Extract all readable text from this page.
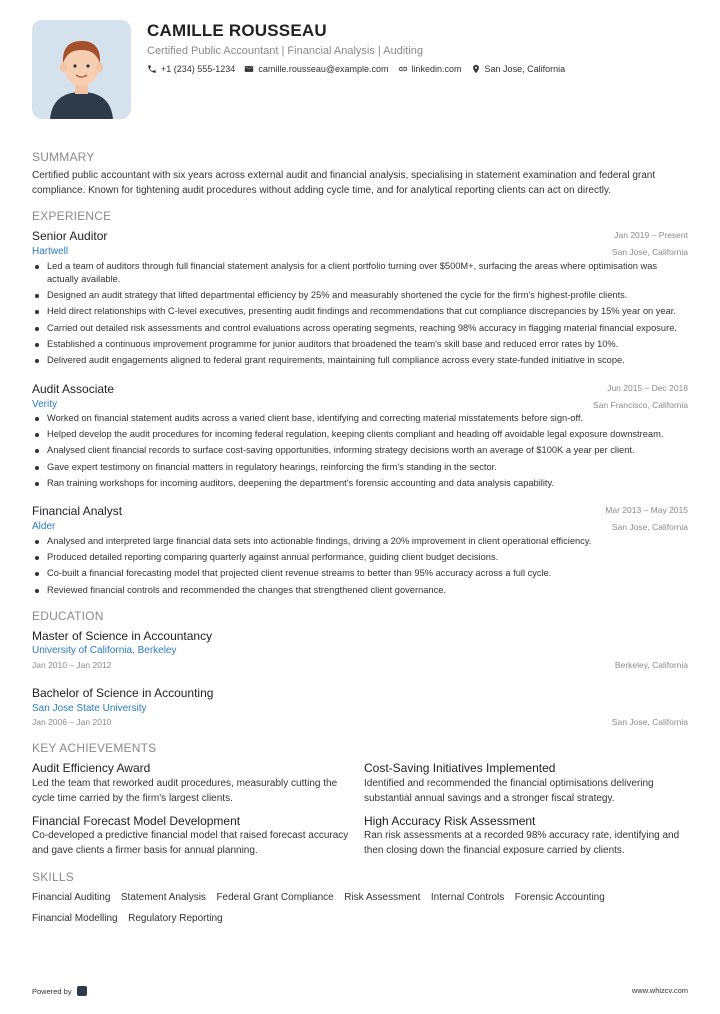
CAMILLE ROUSSEAU
Certified Public Accountant | Financial Analysis | Auditing
+1 (234) 555-1234	camille.rousseau@example.com	linkedin.com	San Jose, California
SUMMARY
Certified public accountant with six years across external audit and financial analysis, specialising in statement examination and federal grant compliance. Known for tightening audit procedures without adding cycle time, and for analytical reporting clients can act on directly.
EXPERIENCE
Senior Auditor	Jan 2019 – Present
Hartwell	San Jose, California
Led a team of auditors through full financial statement analysis for a client portfolio turning over $500M+, surfacing the areas where optimisation was actually available.
Designed an audit strategy that lifted departmental efficiency by 25% and measurably shortened the cycle for the firm's highest-profile clients.
Held direct relationships with C-level executives, presenting audit findings and recommendations that cut compliance discrepancies by 15% year on year.
Carried out detailed risk assessments and control evaluations across operating segments, reaching 98% accuracy in flagging material financial exposure.
Established a continuous improvement programme for junior auditors that broadened the team's skill base and reduced error rates by 10%.
Delivered audit engagements aligned to federal grant requirements, maintaining full compliance across every state-funded initiative in scope.
Audit Associate	Jun 2015 – Dec 2018
Verity	San Francisco, California
Worked on financial statement audits across a varied client base, identifying and correcting material misstatements before sign-off.
Helped develop the audit procedures for incoming federal regulation, keeping clients compliant and heading off avoidable legal exposure downstream.
Analysed client financial records to surface cost-saving opportunities, informing strategy decisions worth an average of $100K a year per client.
Gave expert testimony on financial matters in regulatory hearings, reinforcing the firm's standing in the sector.
Ran training workshops for incoming auditors, deepening the department's forensic accounting and data analysis capability.
Financial Analyst	Mar 2013 – May 2015
Alder	San Jose, California
Analysed and interpreted large financial data sets into actionable findings, driving a 20% improvement in client operational efficiency.
Produced detailed reporting comparing quarterly against annual performance, guiding client budget decisions.
Co-built a financial forecasting model that projected client revenue streams to better than 95% accuracy across a full cycle.
Reviewed financial controls and recommended the changes that strengthened client governance.
EDUCATION
Master of Science in Accountancy
University of California, Berkeley
Jan 2010 – Jan 2012	Berkeley, California
Bachelor of Science in Accounting
San Jose State University
Jan 2006 – Jan 2010	San Jose, California
KEY ACHIEVEMENTS
Audit Efficiency Award
Led the team that reworked audit procedures, measurably cutting the cycle time carried by the firm's largest clients.
Cost-Saving Initiatives Implemented
Identified and recommended the financial optimisations delivering substantial annual savings and a stronger fiscal strategy.
Financial Forecast Model Development
Co-developed a predictive financial model that raised forecast accuracy and gave clients a firmer basis for annual planning.
High Accuracy Risk Assessment
Ran risk assessments at a recorded 98% accuracy rate, identifying and then closing down the financial exposure carried by clients.
SKILLS
Financial Auditing Statement Analysis Federal Grant Compliance Risk Assessment Internal Controls Forensic Accounting
Financial Modelling Regulatory Reporting
Powered by	www.whizcv.com
